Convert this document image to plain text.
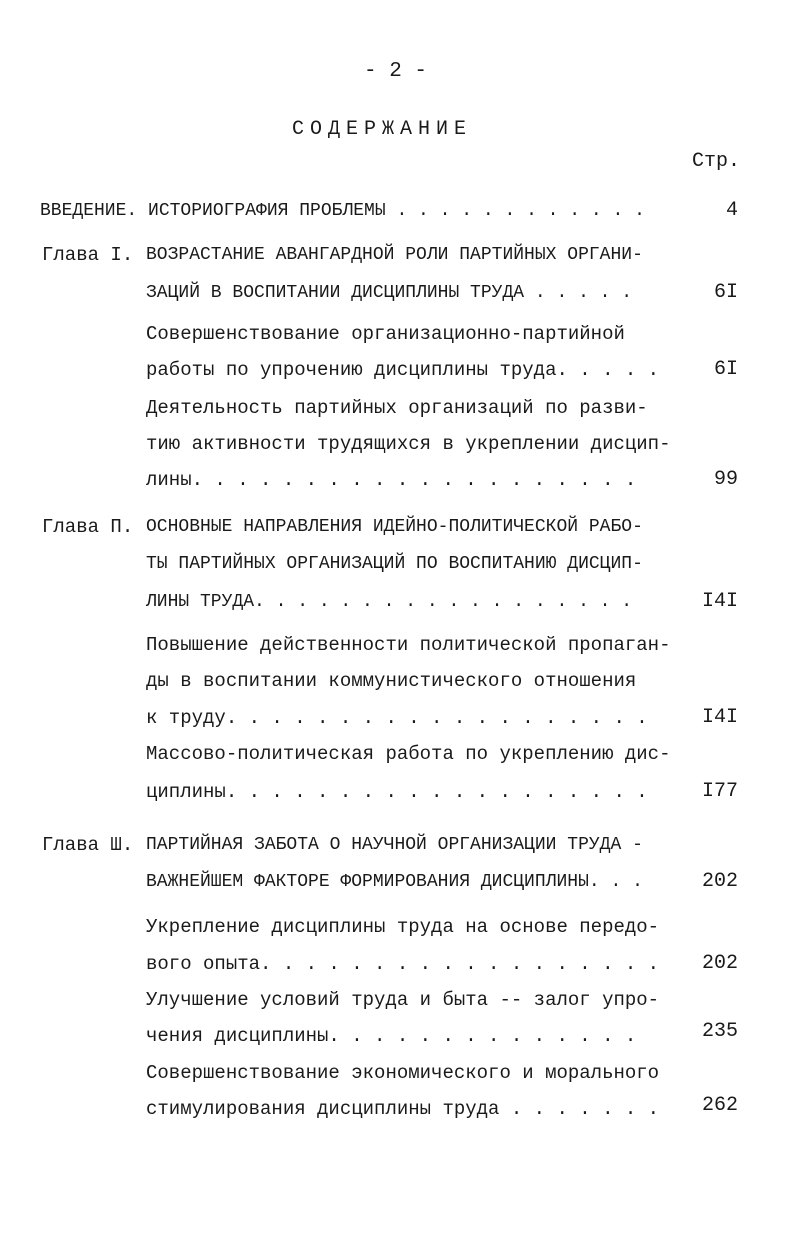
- 2 -
СОДЕРЖАНИЕ
Стр.
ВВЕДЕНИЕ. ИСТОРИОГРАФИЯ ПРОБЛЕМЫ . . . . . . . . . . . .	4
Глава I. ВОЗРАСТАНИЕ АВАНГАРДНОЙ РОЛИ ПАРТИЙНЫХ ОРГАНИ-
ЗАЦИЙ В ВОСПИТАНИИ ДИСЦИПЛИНЫ ТРУДА . . . . .	6I
Совершенствование организационно-партийной
работы по упрочению дисциплины труда. . . . .	6I
Деятельность партийных организаций по разви-
тию активности трудящихся в укреплении дисцип-
лины. . . . . . . . . . . . . . . . . . . .	99
Глава П. ОСНОВНЫЕ НАПРАВЛЕНИЯ ИДЕЙНО-ПОЛИТИЧЕСКОЙ РАБО-
ТЫ ПАРТИЙНЫХ ОРГАНИЗАЦИЙ ПО ВОСПИТАНИЮ ДИСЦИП-
ЛИНЫ ТРУДА. . . . . . . . . . . . . . . . . .	I4I
Повышение действенности политической пропаган-
ды в воспитании коммунистического отношения
к труду. . . . . . . . . . . . . . . . . . .	I4I
Массово-политическая работа по укреплению дис-
циплины. . . . . . . . . . . . . . . . . . .	I77
Глава Ш. ПАРТИЙНАЯ ЗАБОТА О НАУЧНОЙ ОРГАНИЗАЦИИ ТРУДА -
ВАЖНЕЙШЕМ ФАКТОРЕ ФОРМИРОВАНИЯ ДИСЦИПЛИНЫ. . .	202
Укрепление дисциплины труда на основе передо-
вого опыта. . . . . . . . . . . . . . . . . .	202
Улучшение условий труда и быта -- залог упро-
чения дисциплины. . . . . . . . . . . . . .	235
Совершенствование экономического и морального
стимулирования дисциплины труда . . . . . . .	262
